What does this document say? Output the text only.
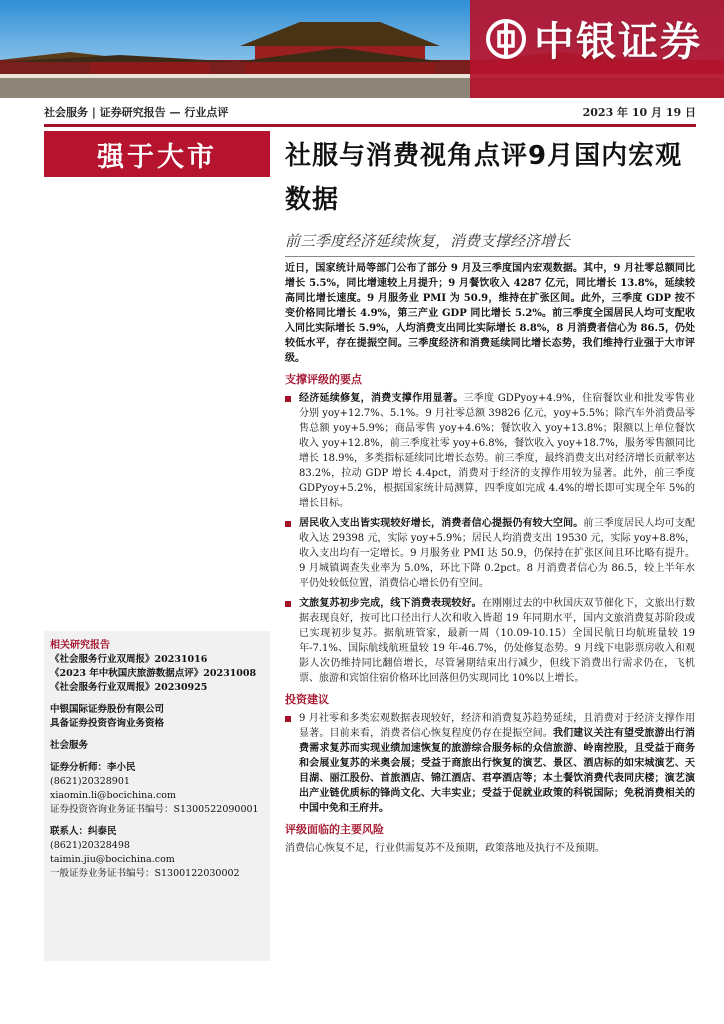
中银证券
社会服务 | 证券研究报告 — 行业点评	2023 年 10 月 19 日
强于大市	社服与消费视角点评9月国内宏观数据
前三季度经济延续恢复，消费支撑经济增长

近日，国家统计局等部门公布了部分 9 月及三季度国内宏观数据。其中，9 月社零总额同比增长 5.5%，同比增速较上月提升；9 月餐饮收入 4287 亿元，同比增长 13.8%，延续较高同比增长速度。9 月服务业 PMI 为 50.9，维持在扩张区间。此外，三季度 GDP 按不变价格同比增长 4.9%，第三产业 GDP 同比增长 5.2%。前三季度全国居民人均可支配收入同比实际增长 5.9%，人均消费支出同比实际增长 8.8%，8 月消费者信心为 86.5，仍处较低水平，存在提振空间。三季度经济和消费延续同比增长态势，我们维持行业强于大市评级。

支撑评级的要点

经济延续修复，消费支撑作用显著。三季度 GDPyoy+4.9%，住宿餐饮业和批发零售业分别 yoy+12.7%、5.1%。9 月社零总额 39826 亿元，yoy+5.5%；除汽车外消费品零售总额 yoy+5.9%；商品零售 yoy+4.6%；餐饮收入 yoy+13.8%；限额以上单位餐饮收入 yoy+12.8%，前三季度社零 yoy+6.8%，餐饮收入 yoy+18.7%，服务零售额同比增长 18.9%，多类指标延续同比增长态势。前三季度，最终消费支出对经济增长贡献率达 83.2%，拉动 GDP 增长 4.4pct，消费对于经济的支撑作用较为显著。此外，前三季度 GDPyoy+5.2%，根据国家统计局测算，四季度如完成 4.4%的增长即可实现全年 5%的增长目标。

居民收入支出皆实现较好增长，消费者信心提振仍有较大空间。前三季度居民人均可支配收入达 29398 元，实际 yoy+5.9%；居民人均消费支出 19530 元，实际 yoy+8.8%，收入支出均有一定增长。9 月服务业 PMI 达 50.9，仍保持在扩张区间且环比略有提升。9 月城镇调查失业率为 5.0%，环比下降 0.2pct。8 月消费者信心为 86.5，较上半年水平仍处较低位置，消费信心增长仍有空间。

文旅复苏初步完成，线下消费表现较好。在刚刚过去的中秋国庆双节催化下，文旅出行数据表现良好，按可比口径出行人次和收入皆超 19 年同期水平，国内文旅消费复苏阶段或已实现初步复苏。据航班管家，最新一周（10.09-10.15）全国民航日均航班量较 19 年-7.1%、国际航线航班量较 19 年-46.7%，仍处修复态势。9 月线下电影票房收入和观影人次仍维持同比翻倍增长，尽管暑期结束出行减少，但线下消费出行需求仍在，飞机票、旅游和宾馆住宿价格环比回落但仍实现同比 10%以上增长。

投资建议

9 月社零和多类宏观数据表现较好，经济和消费复苏趋势延续，且消费对于经济支撑作用显著。目前来看，消费者信心恢复程度仍存在提振空间。我们建议关注有望受旅游出行消费需求复苏而实现业绩加速恢复的旅游综合服务标的众信旅游、岭南控股，且受益于商务和会展业复苏的米奥会展；受益于商旅出行恢复的演艺、景区、酒店标的如宋城演艺、天目湖、丽江股份、首旅酒店、锦江酒店、君亭酒店等；本土餐饮消费代表同庆楼；演艺演出产业链优质标的锋尚文化、大丰实业；受益于促就业政策的科锐国际；免税消费相关的中国中免和王府井。

评级面临的主要风险

消费信心恢复不足，行业供需复苏不及预期，政策落地及执行不及预期。

相关研究报告
《社会服务行业双周报》20231016
《2023 年中秋国庆旅游数据点评》20231008
《社会服务行业双周报》20230925
中银国际证券股份有限公司
具备证券投资咨询业务资格
社会服务
证券分析师：李小民
(8621)20328901
xiaomin.li@bocichina.com
证券投资咨询业务证书编号：S1300522090001
联系人：纠泰民
(8621)20328498
taimin.jiu@bocichina.com
一般证券业务证书编号：S1300122030002
